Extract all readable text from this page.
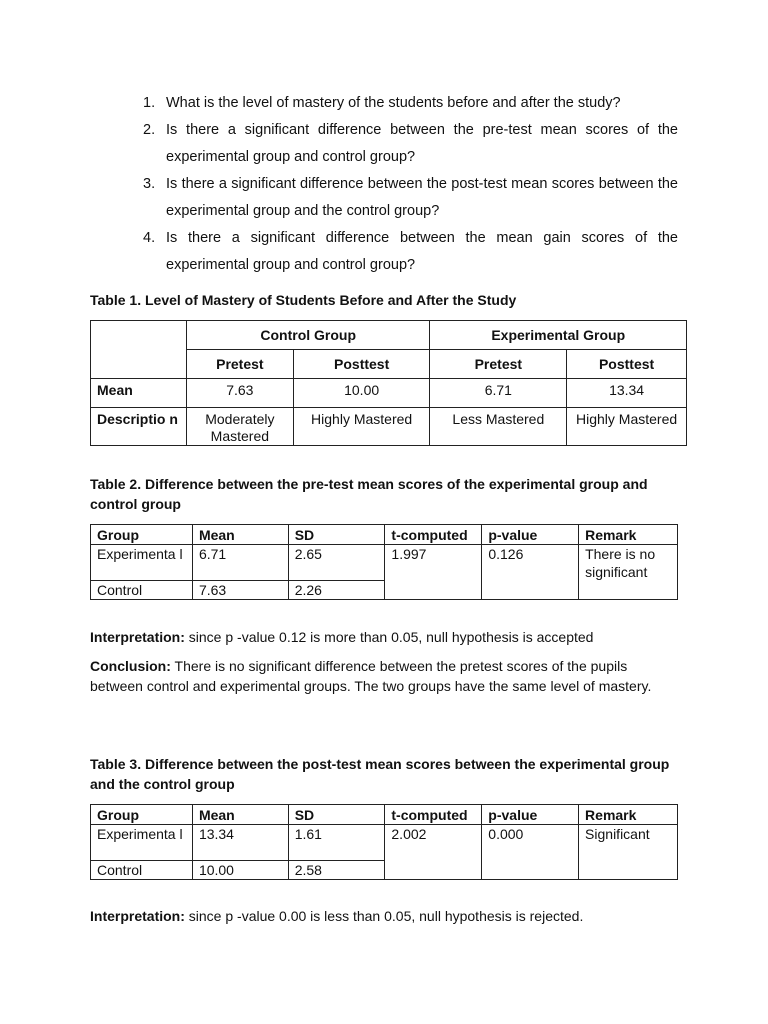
1. What is the level of mastery of the students before and after the study?
2. Is there a significant difference between the pre-test mean scores of the experimental group and control group?
3. Is there a significant difference between the post-test mean scores between the experimental group and the control group?
4. Is there a significant difference between the mean gain scores of the experimental group and control group?
Table 1. Level of Mastery of Students Before and After the Study
	Control Group		Experimental Group	
	Pretest	Posttest	Pretest	Posttest
Mean	7.63	10.00	6.71	13.34
Descriptio n	Moderately Mastered	Highly Mastered	Less Mastered	Highly Mastered
Table 2. Difference between the pre-test mean scores of the experimental group and control group
Group	Mean	SD	t-computed	p-value	Remark
Experimenta l	6.71	2.65	1.997	0.126	There is no significant
Control	7.63	2.26			
Interpretation: since p -value 0.12 is more than 0.05, null hypothesis is accepted
Conclusion: There is no significant difference between the pretest scores of the pupils between control and experimental groups. The two groups have the same level of mastery.
Table 3. Difference between the post-test mean scores between the experimental group and the control group
Group	Mean	SD	t-computed	p-value	Remark
Experimenta l	13.34	1.61	2.002	0.000	Significant
Control	10.00	2.58			
Interpretation: since p -value 0.00 is less than 0.05, null hypothesis is rejected.
